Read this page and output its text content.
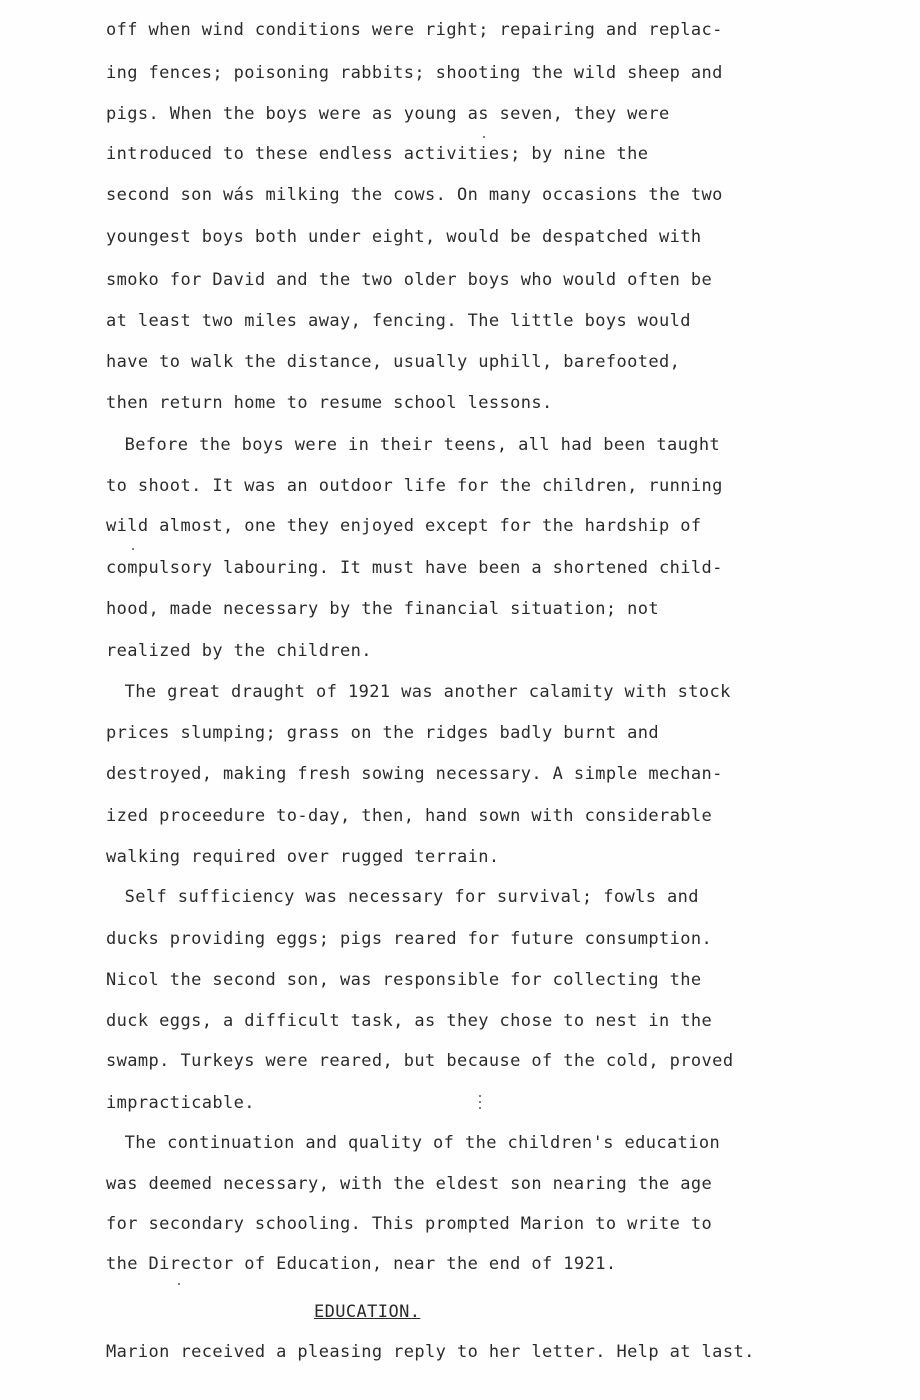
off when wind conditions were right; repairing and replac-
ing fences; poisoning rabbits; shooting the wild sheep and
pigs. When the boys were as young as seven, they were
introduced to these endless activities; by nine the
second son wás milking the cows. On many occasions the two
youngest boys both under eight, would be despatched with
smoko for David and the two older boys who would often be
at least two miles away, fencing. The little boys would
have to walk the distance, usually uphill, barefooted,
then return home to resume school lessons.
Before the boys were in their teens, all had been taught
to shoot. It was an outdoor life for the children, running
wild almost, one they enjoyed except for the hardship of
compulsory labouring. It must have been a shortened child-
hood, made necessary by the financial situation; not
realized by the children.
The great draught of 1921 was another calamity with stock
prices slumping; grass on the ridges badly burnt and
destroyed, making fresh sowing necessary. A simple mechan-
ized proceedure to-day, then, hand sown with considerable
walking required over rugged terrain.
Self sufficiency was necessary for survival; fowls and
ducks providing eggs; pigs reared for future consumption.
Nicol the second son, was responsible for collecting the
duck eggs, a difficult task, as they chose to nest in the
swamp. Turkeys were reared, but because of the cold, proved
impracticable.
The continuation and quality of the children's education
was deemed necessary, with the eldest son nearing the age
for secondary schooling. This prompted Marion to write to
the Director of Education, near the end of 1921.
EDUCATION.
Marion received a pleasing reply to her letter. Help at last.
